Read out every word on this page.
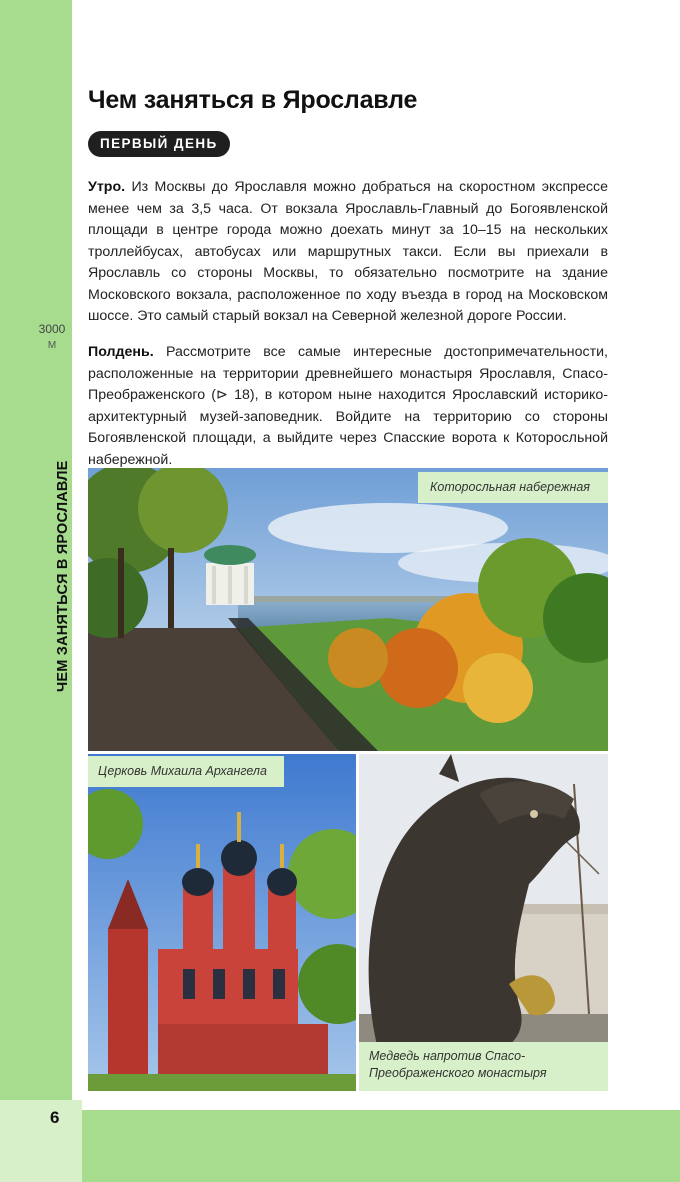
3000
М
ЧЕМ ЗАНЯТЬСЯ В ЯРОСЛАВЛЕ
6
Чем заняться в Ярославле
ПЕРВЫЙ ДЕНЬ

Утро. Из Москвы до Ярославля можно добраться на скоростном экспрессе менее чем за 3,5 часа. От вокзала Ярославль-Главный до Богоявленской площади в центре города можно доехать минут за 10–15 на нескольких троллейбусах, автобусах или маршрутных такси. Если вы приехали в Ярославль со стороны Москвы, то обязательно посмотрите на здание Московского вокзала, расположенное по ходу въезда в город на Московском шоссе. Это самый старый вокзал на Северной железной дороге России.

Полдень. Рассмотрите все самые интересные достопримечательности, расположенные на территории древнейшего монастыря Ярославля, Спасо-Преображенского (⊳ 18), в котором ныне находится Ярославский историко-архитектурный музей-заповедник. Войдите на территорию со стороны Богоявленской площади, а выйдите через Спасские ворота к Которосльной набережной.

Которосльная набережная
Церковь Михаила Архангела
Медведь напротив Спасо-Преображенского монастыря
